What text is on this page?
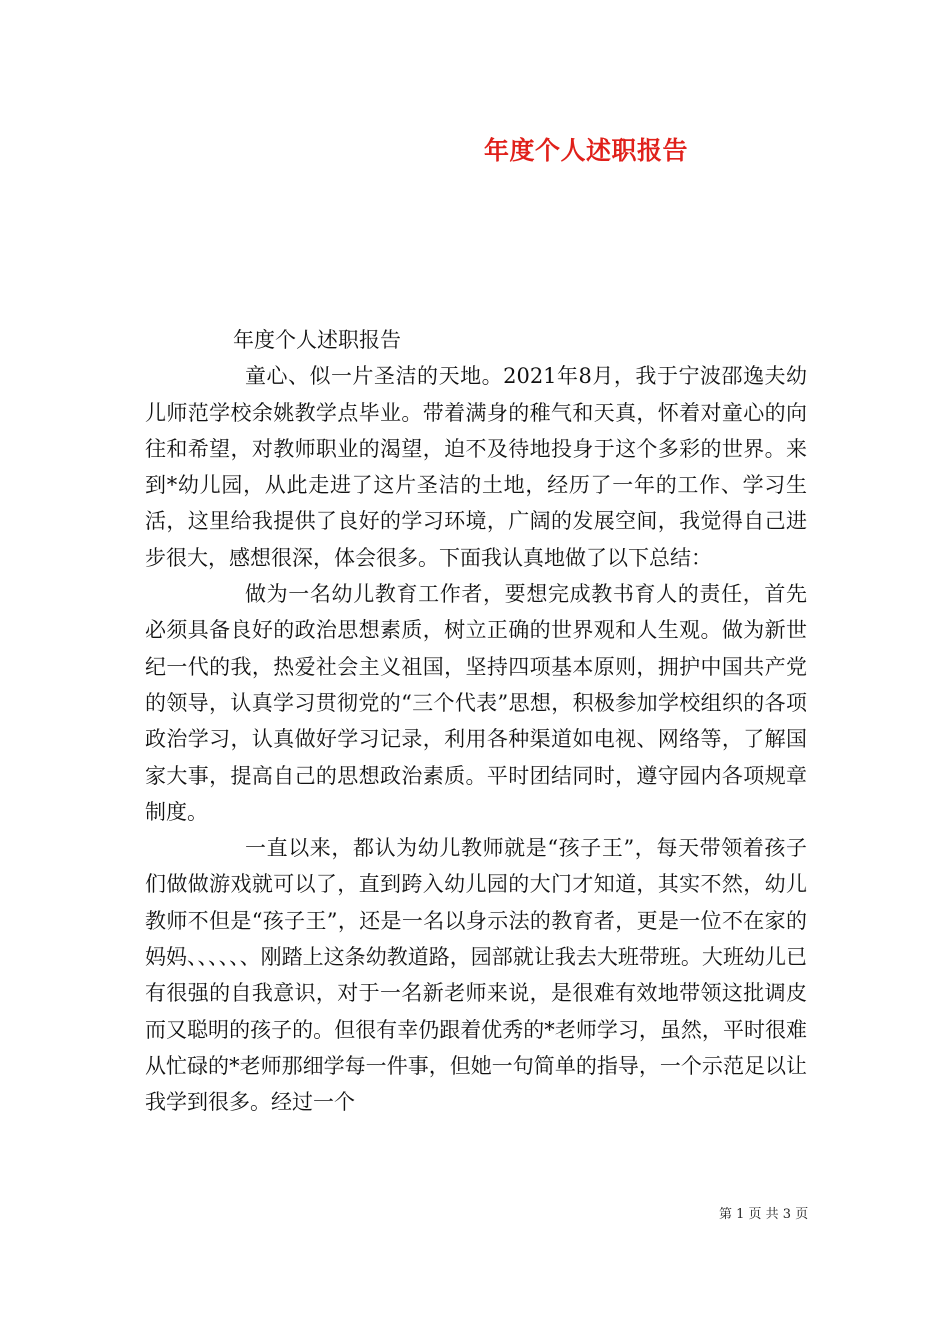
年度个人述职报告

年度个人述职报告

童心、似一片圣洁的天地。2021年8月，我于宁波邵逸夫幼儿师范学校余姚教学点毕业。带着满身的稚气和天真，怀着对童心的向往和希望，对教师职业的渴望，迫不及待地投身于这个多彩的世界。来到*幼儿园，从此走进了这片圣洁的土地，经历了一年的工作、学习生活，这里给我提供了良好的学习环境，广阔的发展空间，我觉得自己进步很大，感想很深，体会很多。下面我认真地做了以下总结：

做为一名幼儿教育工作者，要想完成教书育人的责任，首先必须具备良好的政治思想素质，树立正确的世界观和人生观。做为新世纪一代的我，热爱社会主义祖国，坚持四项基本原则，拥护中国共产党的领导，认真学习贯彻党的“三个代表”思想，积极参加学校组织的各项政治学习，认真做好学习记录，利用各种渠道如电视、网络等，了解国家大事，提高自己的思想政治素质。平时团结同时，遵守园内各项规章制度。

一直以来，都认为幼儿教师就是“孩子王”，每天带领着孩子们做做游戏就可以了，直到跨入幼儿园的大门才知道，其实不然，幼儿教师不但是“孩子王”，还是一名以身示法的教育者，更是一位不在家的妈妈、、、、、、刚踏上这条幼教道路，园部就让我去大班带班。大班幼儿已有很强的自我意识，对于一名新老师来说，是很难有效地带领这批调皮而又聪明的孩子的。但很有幸仍跟着优秀的*老师学习，虽然，平时很难从忙碌的*老师那细学每一件事，但她一句简单的指导，一个示范足以让我学到很多。经过一个

第 1 页 共 3 页
